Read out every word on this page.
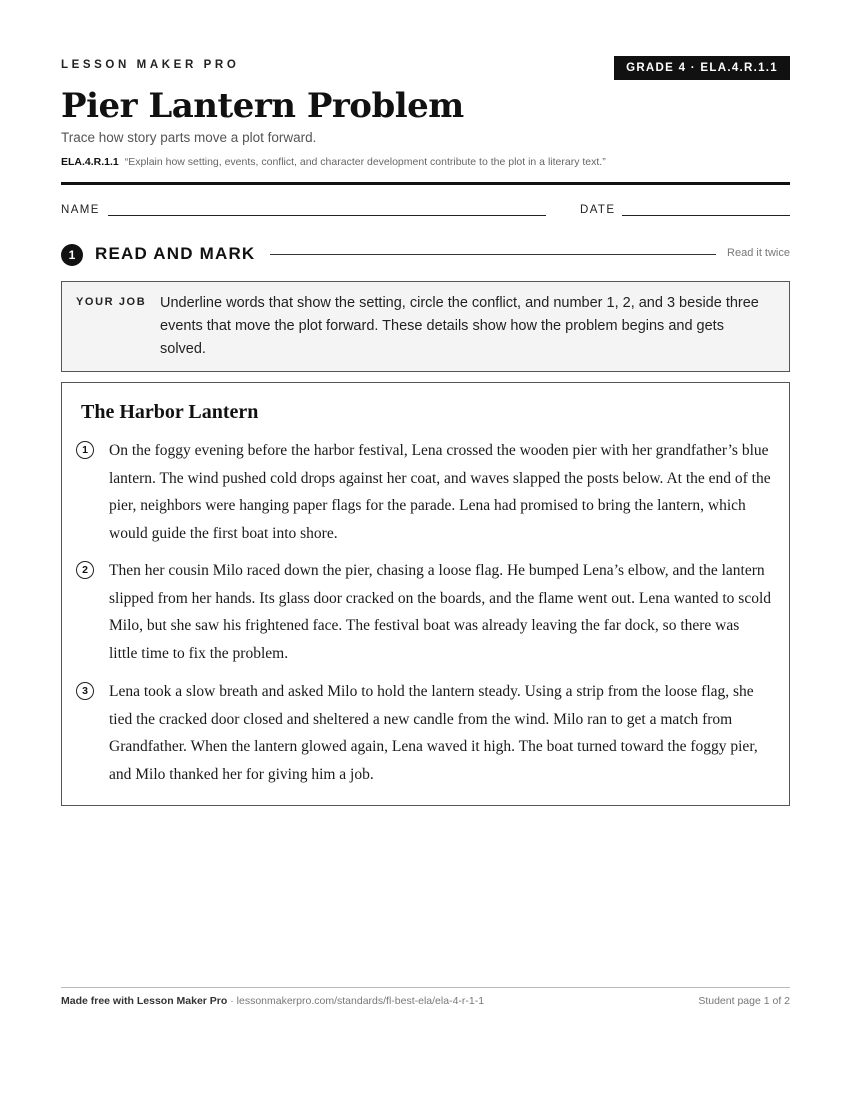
LESSON MAKER PRO	GRADE 4 · ELA.4.R.1.1
Pier Lantern Problem
Trace how story parts move a plot forward.
ELA.4.R.1.1 “Explain how setting, events, conflict, and character development contribute to the plot in a literary text.”
NAME	DATE
1	READ AND MARK	Read it twice
YOUR JOB Underline words that show the setting, circle the conflict, and number 1, 2, and 3 beside three events that move the plot forward. These details show how the problem begins and gets solved.
The Harbor Lantern
1	On the foggy evening before the harbor festival, Lena crossed the wooden pier with her grandfather’s blue lantern. The wind pushed cold drops against her coat, and waves slapped the posts below. At the end of the pier, neighbors were hanging paper flags for the parade. Lena had promised to bring the lantern, which would guide the first boat into shore.
2	Then her cousin Milo raced down the pier, chasing a loose flag. He bumped Lena’s elbow, and the lantern slipped from her hands. Its glass door cracked on the boards, and the flame went out. Lena wanted to scold Milo, but she saw his frightened face. The festival boat was already leaving the far dock, so there was little time to fix the problem.
3	Lena took a slow breath and asked Milo to hold the lantern steady. Using a strip from the loose flag, she tied the cracked door closed and sheltered a new candle from the wind. Milo ran to get a match from Grandfather. When the lantern glowed again, Lena waved it high. The boat turned toward the foggy pier, and Milo thanked her for giving him a job.
Made free with Lesson Maker Pro · lessonmakerpro.com/standards/fl-best-ela/ela-4-r-1-1	Student page 1 of 2
